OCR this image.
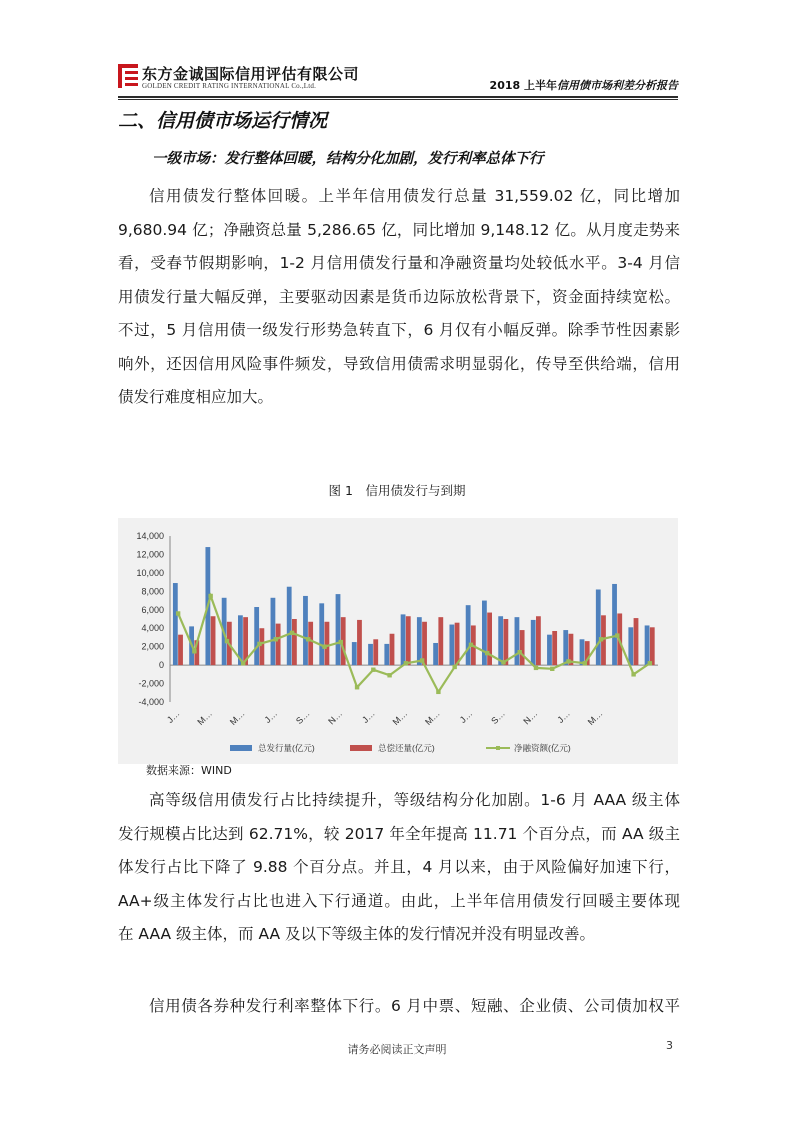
东方金诚国际信用评估有限公司
GOLDEN CREDIT RATING INTERNATIONAL Co.,Ltd.	2018 上半年信用债市场利差分析报告
二、信用债市场运行情况
一级市场：发行整体回暖，结构分化加剧，发行利率总体下行
信用债发行整体回暖。上半年信用债发行总量 31,559.02 亿，同比增加
9,680.94 亿；净融资总量 5,286.65 亿，同比增加 9,148.12 亿。从月度走势来
看，受春节假期影响，1-2 月信用债发行量和净融资量均处较低水平。3-4 月信
用债发行量大幅反弹，主要驱动因素是货币边际放松背景下，资金面持续宽松。
不过，5 月信用债一级发行形势急转直下，6 月仅有小幅反弹。除季节性因素影
响外，还因信用风险事件频发，导致信用债需求明显弱化，传导至供给端，信用
债发行难度相应加大。
图 1　信用债发行与到期
14,000
12,000
10,000
8,000
6,000
4,000
2,000
0
-2,000
-4,000
J… M… M… J… S… N… J… M… M… J… S… N… J… M…
总发行量(亿元)	总偿还量(亿元)	净融资额(亿元)
数据来源：WIND
高等级信用债发行占比持续提升，等级结构分化加剧。1-6 月 AAA 级主体
发行规模占比达到 62.71%，较 2017 年全年提高 11.71 个百分点，而 AA 级主
体发行占比下降了 9.88 个百分点。并且，4 月以来，由于风险偏好加速下行，
AA+级主体发行占比也进入下行通道。由此，上半年信用债发行回暖主要体现
在 AAA 级主体，而 AA 及以下等级主体的发行情况并没有明显改善。
信用债各券种发行利率整体下行。6 月中票、短融、企业债、公司债加权平
请务必阅读正文声明	3
